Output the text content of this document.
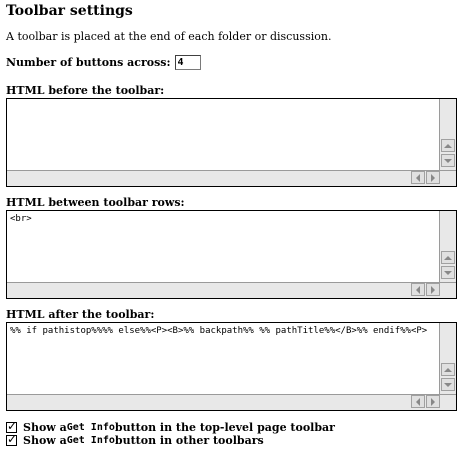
Toolbar settings
A toolbar is placed at the end of each folder or discussion.
Number of buttons across: 4
HTML before the toolbar:
HTML between toolbar rows:
<br>
HTML after the toolbar:
%% if pathistop%%%% else%%<P><B>%% backpath%% %% pathTitle%%</B>%% endif%%<P>
✓ Show a Get Info button in the top-level page toolbar
✓ Show a Get Info button in other toolbars
